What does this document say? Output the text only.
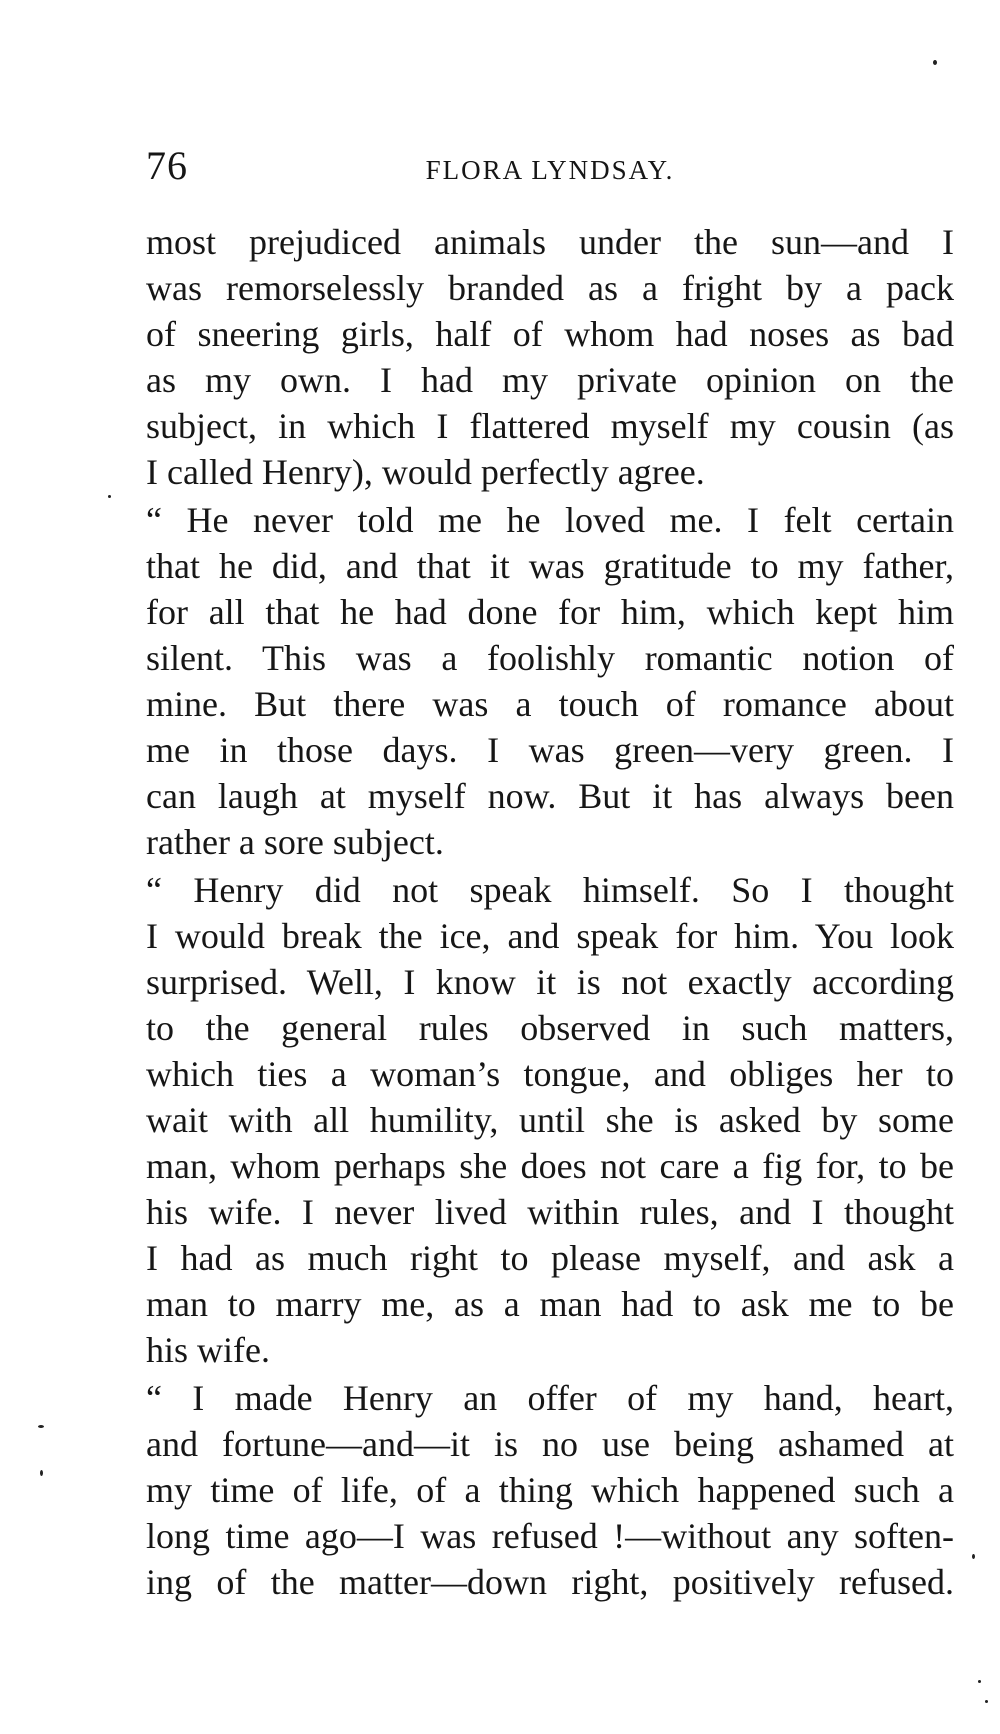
76	FLORA LYNDSAY.
most prejudiced animals under the sun—and I
was remorselessly branded as a fright by a pack
of sneering girls, half of whom had noses as bad
as my own. I had my private opinion on the
subject, in which I flattered myself my cousin (as
I called Henry), would perfectly agree.
“ He never told me he loved me. I felt certain
that he did, and that it was gratitude to my father,
for all that he had done for him, which kept him
silent. This was a foolishly romantic notion of
mine. But there was a touch of romance about
me in those days. I was green—very green. I
can laugh at myself now. But it has always been
rather a sore subject.
“ Henry did not speak himself. So I thought
I would break the ice, and speak for him. You look
surprised. Well, I know it is not exactly according
to the general rules observed in such matters,
which ties a woman’s tongue, and obliges her to
wait with all humility, until she is asked by some
man, whom perhaps she does not care a fig for, to be
his wife. I never lived within rules, and I thought
I had as much right to please myself, and ask a
man to marry me, as a man had to ask me to be
his wife.
“ I made Henry an offer of my hand, heart,
and fortune—and—it is no use being ashamed at
my time of life, of a thing which happened such a
long time ago—I was refused !—without any soften-
ing of the matter—down right, positively refused.
